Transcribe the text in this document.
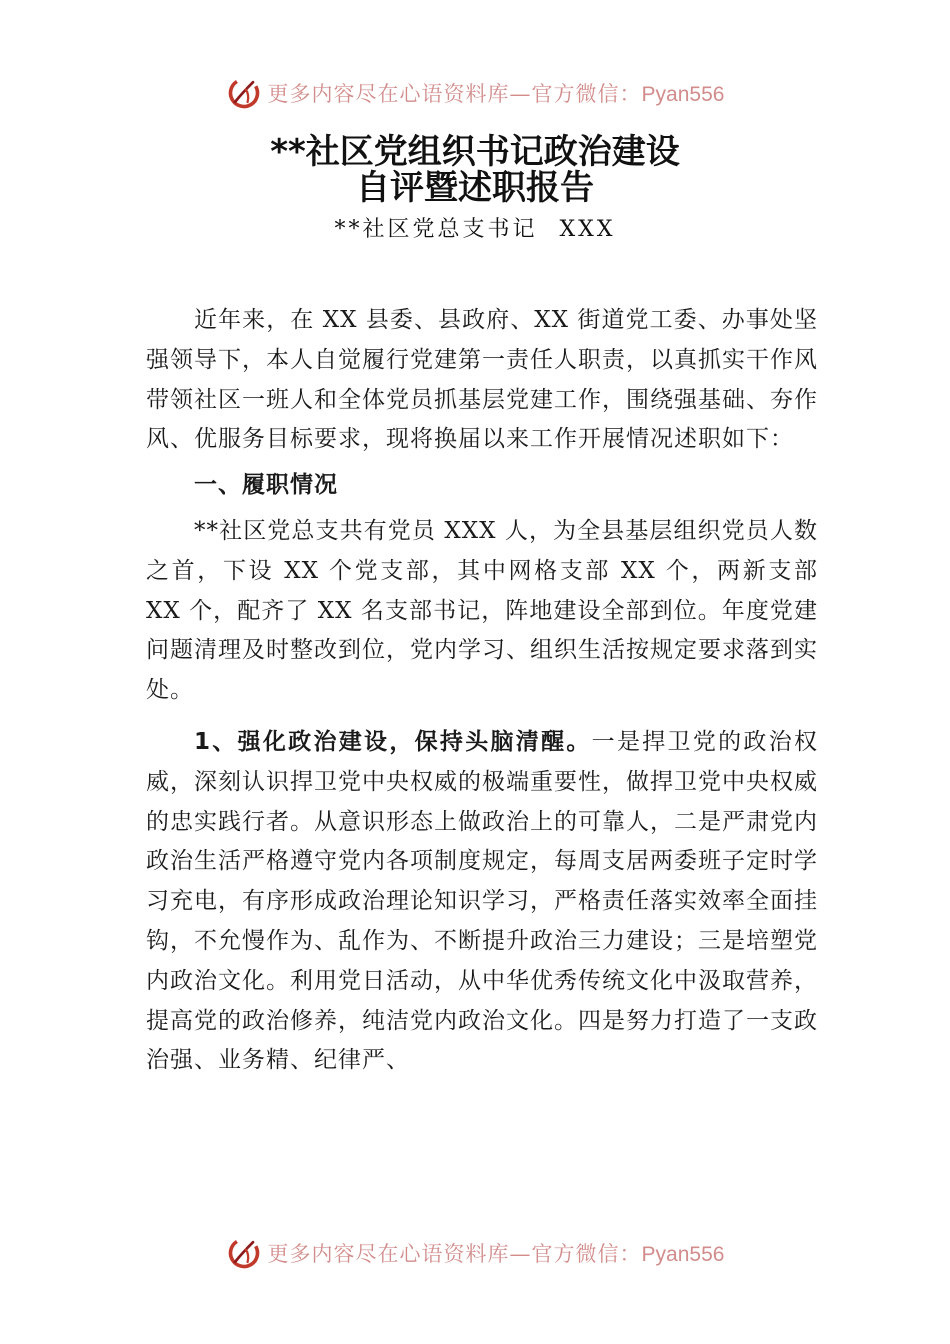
更多内容尽在心语资料库—官方微信：Pyan556
**社区党组织书记政治建设
自评暨述职报告
**社区党总支书记 XXX

近年来，在 XX 县委、县政府、XX 街道党工委、办事处坚强领导下，本人自觉履行党建第一责任人职责，以真抓实干作风带领社区一班人和全体党员抓基层党建工作，围绕强基础、夯作风、优服务目标要求，现将换届以来工作开展情况述职如下：

一、履职情况

**社区党总支共有党员 XXX 人，为全县基层组织党员人数之首，下设 XX 个党支部，其中网格支部 XX 个，两新支部 XX 个，配齐了 XX 名支部书记，阵地建设全部到位。年度党建问题清理及时整改到位，党内学习、组织生活按规定要求落到实处。

1、强化政治建设，保持头脑清醒。一是捍卫党的政治权威，深刻认识捍卫党中央权威的极端重要性，做捍卫党中央权威的忠实践行者。从意识形态上做政治上的可靠人，二是严肃党内政治生活严格遵守党内各项制度规定，每周支居两委班子定时学习充电，有序形成政治理论知识学习，严格责任落实效率全面挂钩，不允慢作为、乱作为、不断提升政治三力建设；三是培塑党内政治文化。利用党日活动，从中华优秀传统文化中汲取营养，提高党的政治修养，纯洁党内政治文化。四是努力打造了一支政治强、业务精、纪律严、

更多内容尽在心语资料库—官方微信：Pyan556
